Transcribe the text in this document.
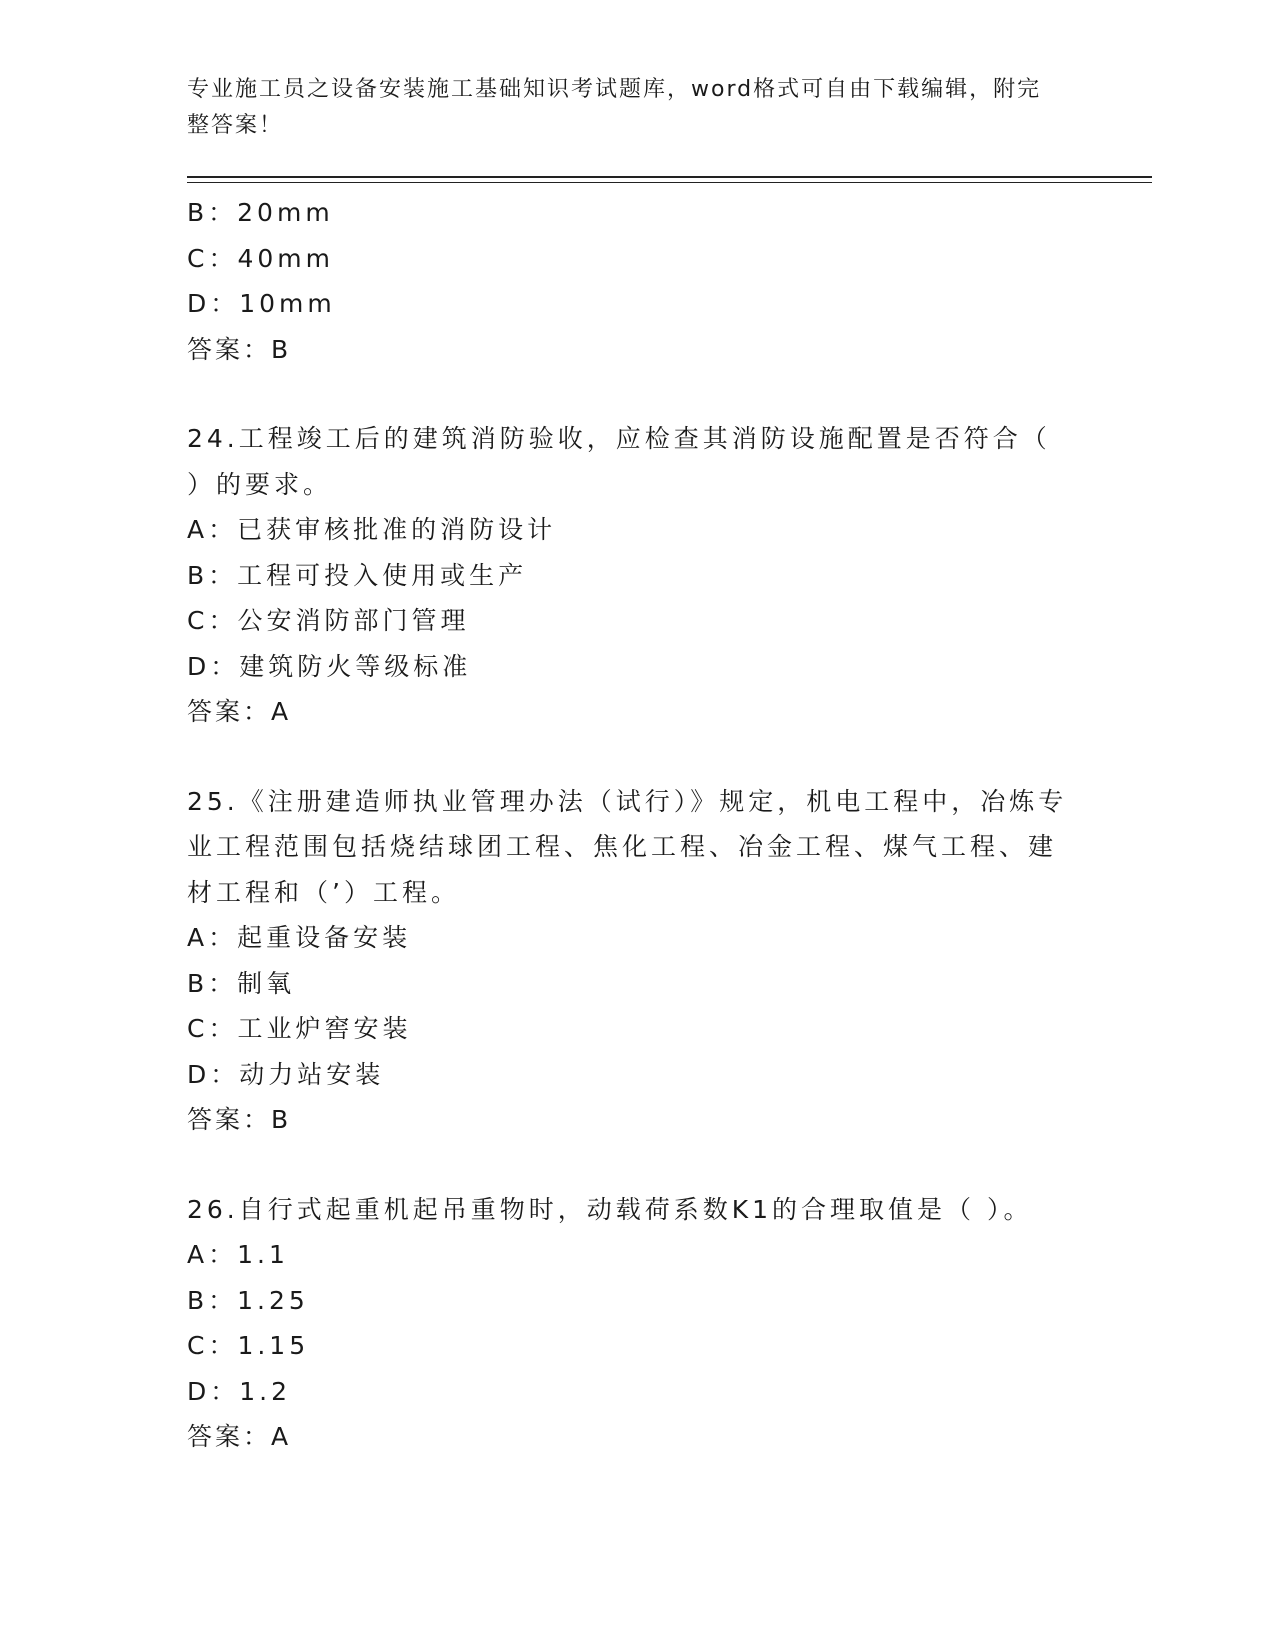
专业施工员之设备安装施工基础知识考试题库，word格式可自由下载编辑，附完
整答案！
B：20mm
C：40mm
D：10mm
答案：B
24.工程竣工后的建筑消防验收，应检查其消防设施配置是否符合（
）的要求。
A：已获审核批准的消防设计
B：工程可投入使用或生产
C：公安消防部门管理
D：建筑防火等级标准
答案：A
25.《注册建造师执业管理办法（试行）》规定，机电工程中，冶炼专
业工程范围包括烧结球团工程、焦化工程、冶金工程、煤气工程、建
材工程和（’）工程。
A：起重设备安装
B：制氧
C：工业炉窖安装
D：动力站安装
答案：B
26.自行式起重机起吊重物时，动载荷系数K1的合理取值是（ ）。
A：1.1
B：1.25
C：1.15
D：1.2
答案：A
